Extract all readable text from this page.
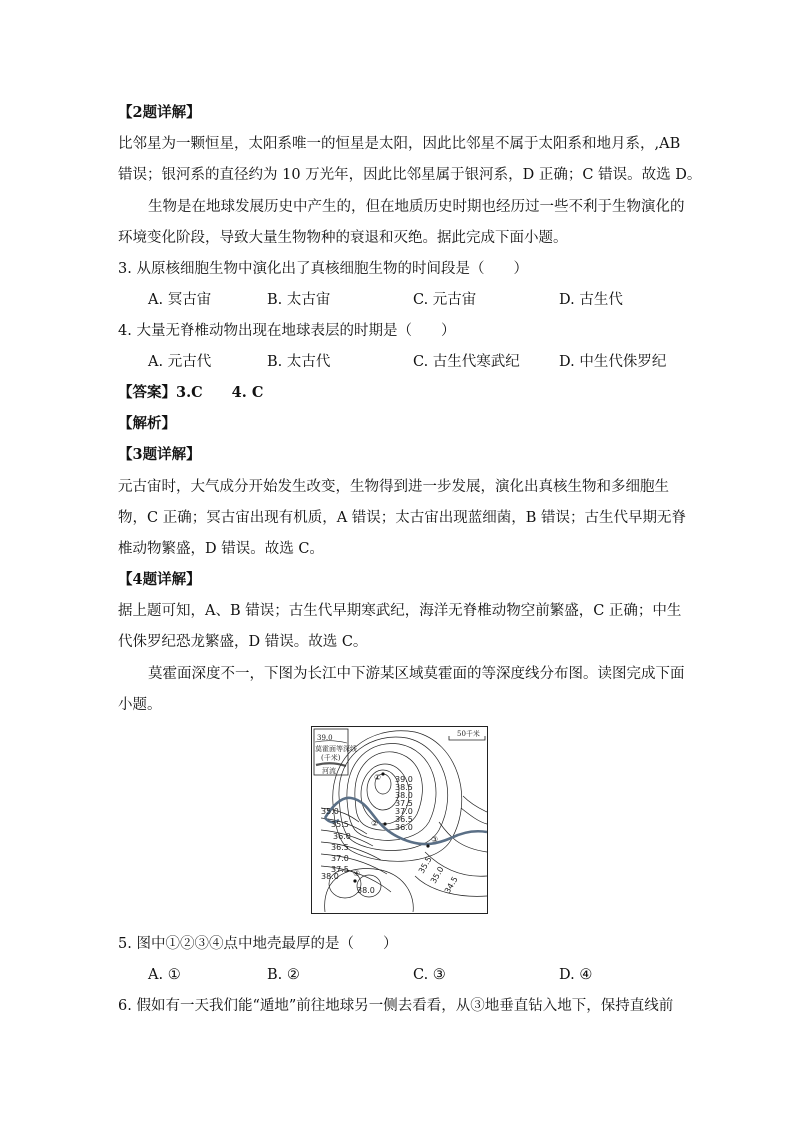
【2题详解】
比邻星为一颗恒星，太阳系唯一的恒星是太阳，因此比邻星不属于太阳系和地月系，,AB
错误；银河系的直径约为 10 万光年，因此比邻星属于银河系，D 正确；C 错误。故选 D。
生物是在地球发展历史中产生的，但在地质历史时期也经历过一些不利于生物演化的
环境变化阶段，导致大量生物物种的衰退和灭绝。据此完成下面小题。
3. 从原核细胞生物中演化出了真核细胞生物的时间段是（　　）
A. 冥古宙	B. 太古宙	C. 元古宙	D. 古生代
4. 大量无脊椎动物出现在地球表层的时期是（　　）
A. 元古代	B. 太古代	C. 古生代寒武纪	D. 中生代侏罗纪
【答案】3.C　　4. C
【解析】
【3题详解】
元古宙时，大气成分开始发生改变，生物得到进一步发展，演化出真核生物和多细胞生
物，C 正确；冥古宙出现有机质，A 错误；太古宙出现蓝细菌，B 错误；古生代早期无脊
椎动物繁盛，D 错误。故选 C。
【4题详解】
据上题可知，A、B 错误；古生代早期寒武纪，海洋无脊椎动物空前繁盛，C 正确；中生
代侏罗纪恐龙繁盛，D 错误。故选 C。
莫霍面深度不一，下图为长江中下游某区域莫霍面的等深度线分布图。读图完成下面
小题。
39.0
莫霍面等深线
(千米)
河流
50千米
①
②
③
④
39.0
38.5
38.0
37.5
37.0
36.5
36.0
35.0
35.5
36.0
36.5
37.0
37.5
38.0
38.0
35.5
35.0
34.5
5. 图中①②③④点中地壳最厚的是（　　）
A. ①	B. ②	C. ③	D. ④
6. 假如有一天我们能“遁地”前往地球另一侧去看看，从③地垂直钻入地下，保持直线前
